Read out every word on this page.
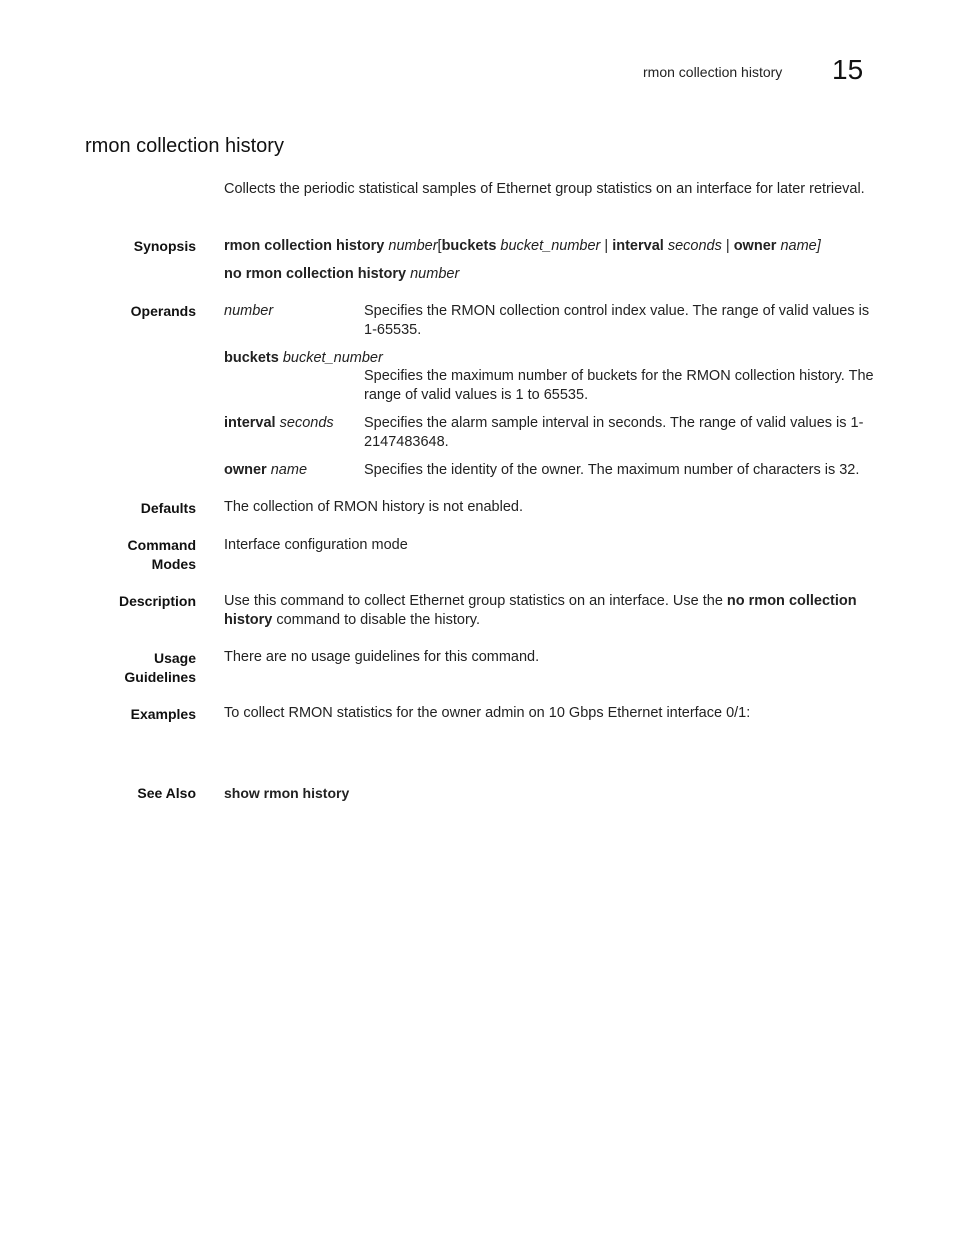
rmon collection history 15
rmon collection history
Collects the periodic statistical samples of Ethernet group statistics on an interface for later retrieval.
Synopsis rmon collection history number[buckets bucket_number | interval seconds | owner name]
no rmon collection history number
Operands number	Specifies the RMON collection control index value. The range of valid values is 1-65535.
buckets bucket_number
Specifies the maximum number of buckets for the RMON collection history. The range of valid values is 1 to 65535.
interval seconds Specifies the alarm sample interval in seconds. The range of valid values is 1-2147483648.
owner name	Specifies the identity of the owner. The maximum number of characters is 32.
Defaults The collection of RMON history is not enabled.
Command
Modes
Interface configuration mode
Description Use this command to collect Ethernet group statistics on an interface. Use the no rmon collection history command to disable the history.
Usage
Guidelines
There are no usage guidelines for this command.
Examples To collect RMON statistics for the owner admin on 10 Gbps Ethernet interface 0/1:
See Also show rmon history
